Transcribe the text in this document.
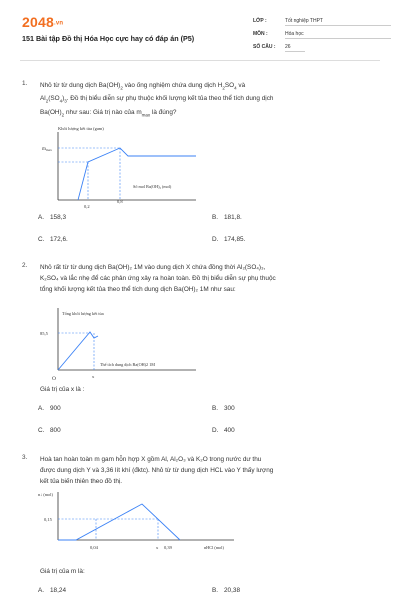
2048.vn
151 Bài tập Đồ thị Hóa Học cực hay có đáp án (P5)
LỚP :	Tốt nghiệp THPT
MÔN :	Hóa học
SỐ CÂU :	26
1. Nhỏ từ từ dung dịch $Ba(OH)_2$ vào ống nghiệm chứa dung dịch $H_2SO_4$ và
$Al_2(SO_4)_3$. Đồ thị biểu diễn sự phụ thuộc khối lượng kết tủa theo thể tích dung dịch
$Ba(OH)_2$ như sau: Giá trị nào của $m_{max}$ là đúng?
Khối lượng kết tủa (gam)
$m_{max}$
Số mol Ba(OH)₂ (mol)
0,2
0,8
A. 158,3	B. 181,8.
C. 172,6.	D. 174,85.
2. Nhỏ rất từ từ dung dịch Ba(OH)₂ 1M vào dung dịch X chứa đồng thời Al₂(SO₄)₃,
K₂SO₄ và lắc nhẹ để các phản ứng xảy ra hoàn toàn. Đồ thị biểu diễn sự phụ thuộc
tổng khối lượng kết tủa theo thể tích dung dịch Ba(OH)₂ 1M như sau:
Tổng khối lượng kết tủa
85,5
Thể tích dung dịch Ba(OH)2 1M
O	x
Giá trị của x là :
A. 900	B. 300
C. 800	D. 400
3. Hoà tan hoàn toàn m gam hỗn hợp X gồm Al, Al₂O₃ và K₂O trong nước dư thu
được dung dịch Y và 3,36 lít khí (đktc). Nhỏ từ từ dung dịch HCL vào Y thấy lượng
kết tủa biến thiên theo đồ thị.
n↓ (mol)
0,15
0,04	x 0,39	nHCl (mol)
Giá trị của m là:
A. 18,24	B. 20,38
